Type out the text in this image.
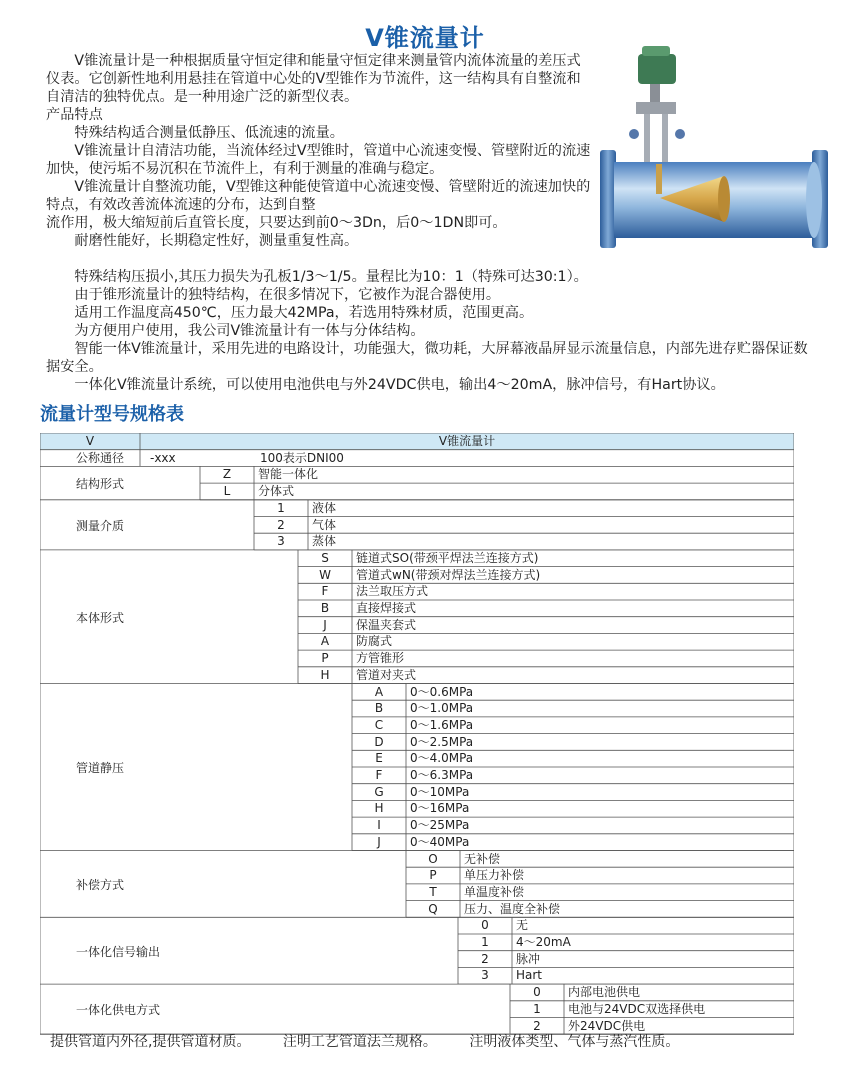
V锥流量计

V锥流量计是一种根据质量守恒定律和能量守恒定律来测量管内流体流量的差压式仪表。它创新性地利用悬挂在管道中心处的V型锥作为节流件，这一结构具有自整流和自清洁的独特优点。是一种用途广泛的新型仪表。

产品特点

特殊结构适合测量低静压、低流速的流量。

V锥流量计自清洁功能，当流体经过V型锥时，管道中心流速变慢、管壁附近的流速加快，使污垢不易沉积在节流件上，有利于测量的准确与稳定。

V锥流量计自整流功能，V型锥这种能使管道中心流速变慢、管壁附近的流速加快的特点，有效改善流体流速的分布，达到自整

流作用，极大缩短前后直管长度，只要达到前0～3Dn，后0～1DN即可。

耐磨性能好，长期稳定性好，测量重复性高。

特殊结构压损小,其压力损失为孔板1/3～1/5。量程比为10：1（特殊可达30:1）。

由于锥形流量计的独特结构，在很多情况下，它被作为混合器使用。

适用工作温度高450℃，压力最大42MPa，若选用特殊材质，范围更高。

为方便用户使用，我公司V锥流量计有一体与分体结构。

智能一体V锥流量计，采用先进的电路设计，功能强大，微功耗，大屏幕液晶屏显示流量信息，内部先进存贮器保证数据安全。

一体化V锥流量计系统，可以使用电池供电与外24VDC供电，输出4～20mA，脉冲信号，有Hart协议。

流量计型号规格表
V	V锥流量计
公称通径 -xxx	100表示DNI00
结构形式
Z	智能一体化
L	分体式
测量介质
1	液体
2	气体
3	蒸体
本体形式
S	链道式SO(带颈平焊法兰连接方式)
W	管道式wN(带颈对焊法兰连接方式)
F	法兰取压方式
B	直接焊接式
J	保温夹套式
A	防腐式
P	方管锥形
H	管道对夹式
管道静压
A	0～0.6MPa
B	0～1.0MPa
C	0～1.6MPa
D	0～2.5MPa
E	0～4.0MPa
F	0～6.3MPa
G	0～10MPa
H	0～16MPa
I	0～25MPa
J	0～40MPa
补偿方式
O	无补偿
P	单压力补偿
T	单温度补偿
Q	压力、温度全补偿
一体化信号输出
0	无
1	4～20mA
2	脉冲
3	Hart
一体化供电方式
0	内部电池供电
1	电池与24VDC双选择供电
2	外24VDC供电
提供管道内外径,提供管道材质。 注明工艺管道法兰规格。 注明液体类型、气体与蒸汽性质。
